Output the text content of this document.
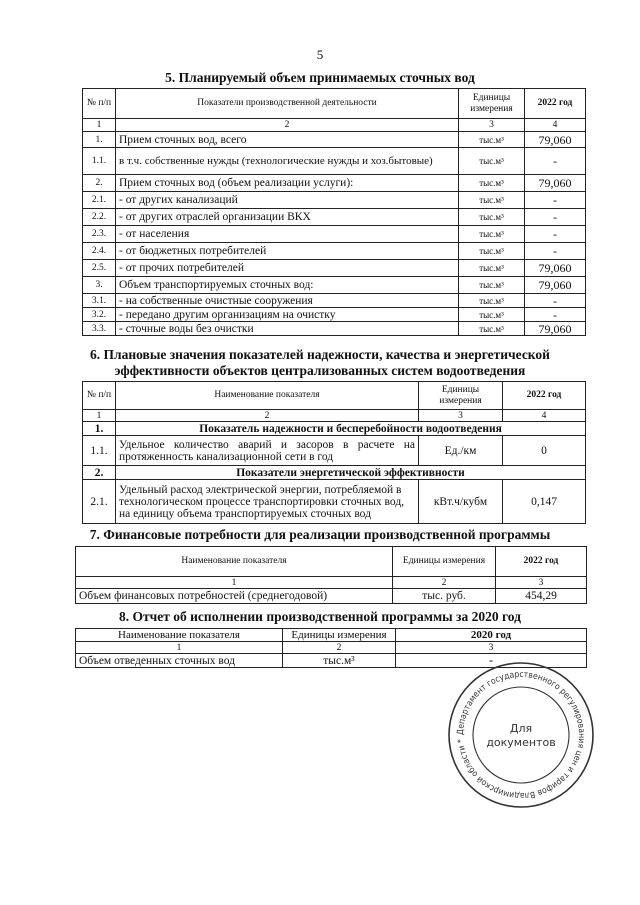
5
5. Планируемый объем принимаемых сточных вод
№ п/п	Показатели производственной деятельности	Единицы измерения	2022 год
1	2	3	4
1.	Прием сточных вод, всего	тыс.м³	79,060
1.1.	в т.ч. собственные нужды (технологические нужды и хоз.бытовые)	тыс.м³	-
2.	Прием сточных вод (объем реализации услуги):	тыс.м³	79,060
2.1.	- от других канализаций	тыс.м³	-
2.2.	- от других отраслей организации ВКХ	тыс.м³	-
2.3.	- от населения	тыс.м³	-
2.4.	- от бюджетных потребителей	тыс.м³	-
2.5.	- от прочих потребителей	тыс.м³	79,060
3.	Объем транспортируемых сточных вод:	тыс.м³	79,060
3.1.	- на собственные очистные сооружения	тыс.м³	-
3.2.	- передано другим организациям на очистку	тыс.м³	-
3.3.	- сточные воды без очистки	тыс.м³	79,060
6. Плановые значения показателей надежности, качества и энергетической
эффективности объектов централизованных систем водоотведения
№ п/п	Наименование показателя	Единицы измерения	2022 год
1	2	3	4
1.	Показатель надежности и бесперебойности водоотведения		
1.1.	Удельное количество аварий и засоров в расчете на протяженность канализационной сети в год	Ед./км	0
2.	Показатели энергетической эффективности		
2.1.	Удельный расход электрической энергии, потребляемой в технологическом процессе транспортировки сточных вод, на единицу объема транспортируемых сточных вод	кВт.ч/кубм	0,147
7. Финансовые потребности для реализации производственной программы
Наименование показателя	Единицы измерения	2022 год
1	2	3
Объем финансовых потребностей (среднегодовой)	тыс. руб.	454,29
8. Отчет об исполнении производственной программы за 2020 год
Наименование показателя	Единицы измерения	2020 год
1	2	3
Объем отведенных сточных вод	тыс.м³	-
Департамент государственного регулирования цен и тарифов Владимирской области *
Для
документов
